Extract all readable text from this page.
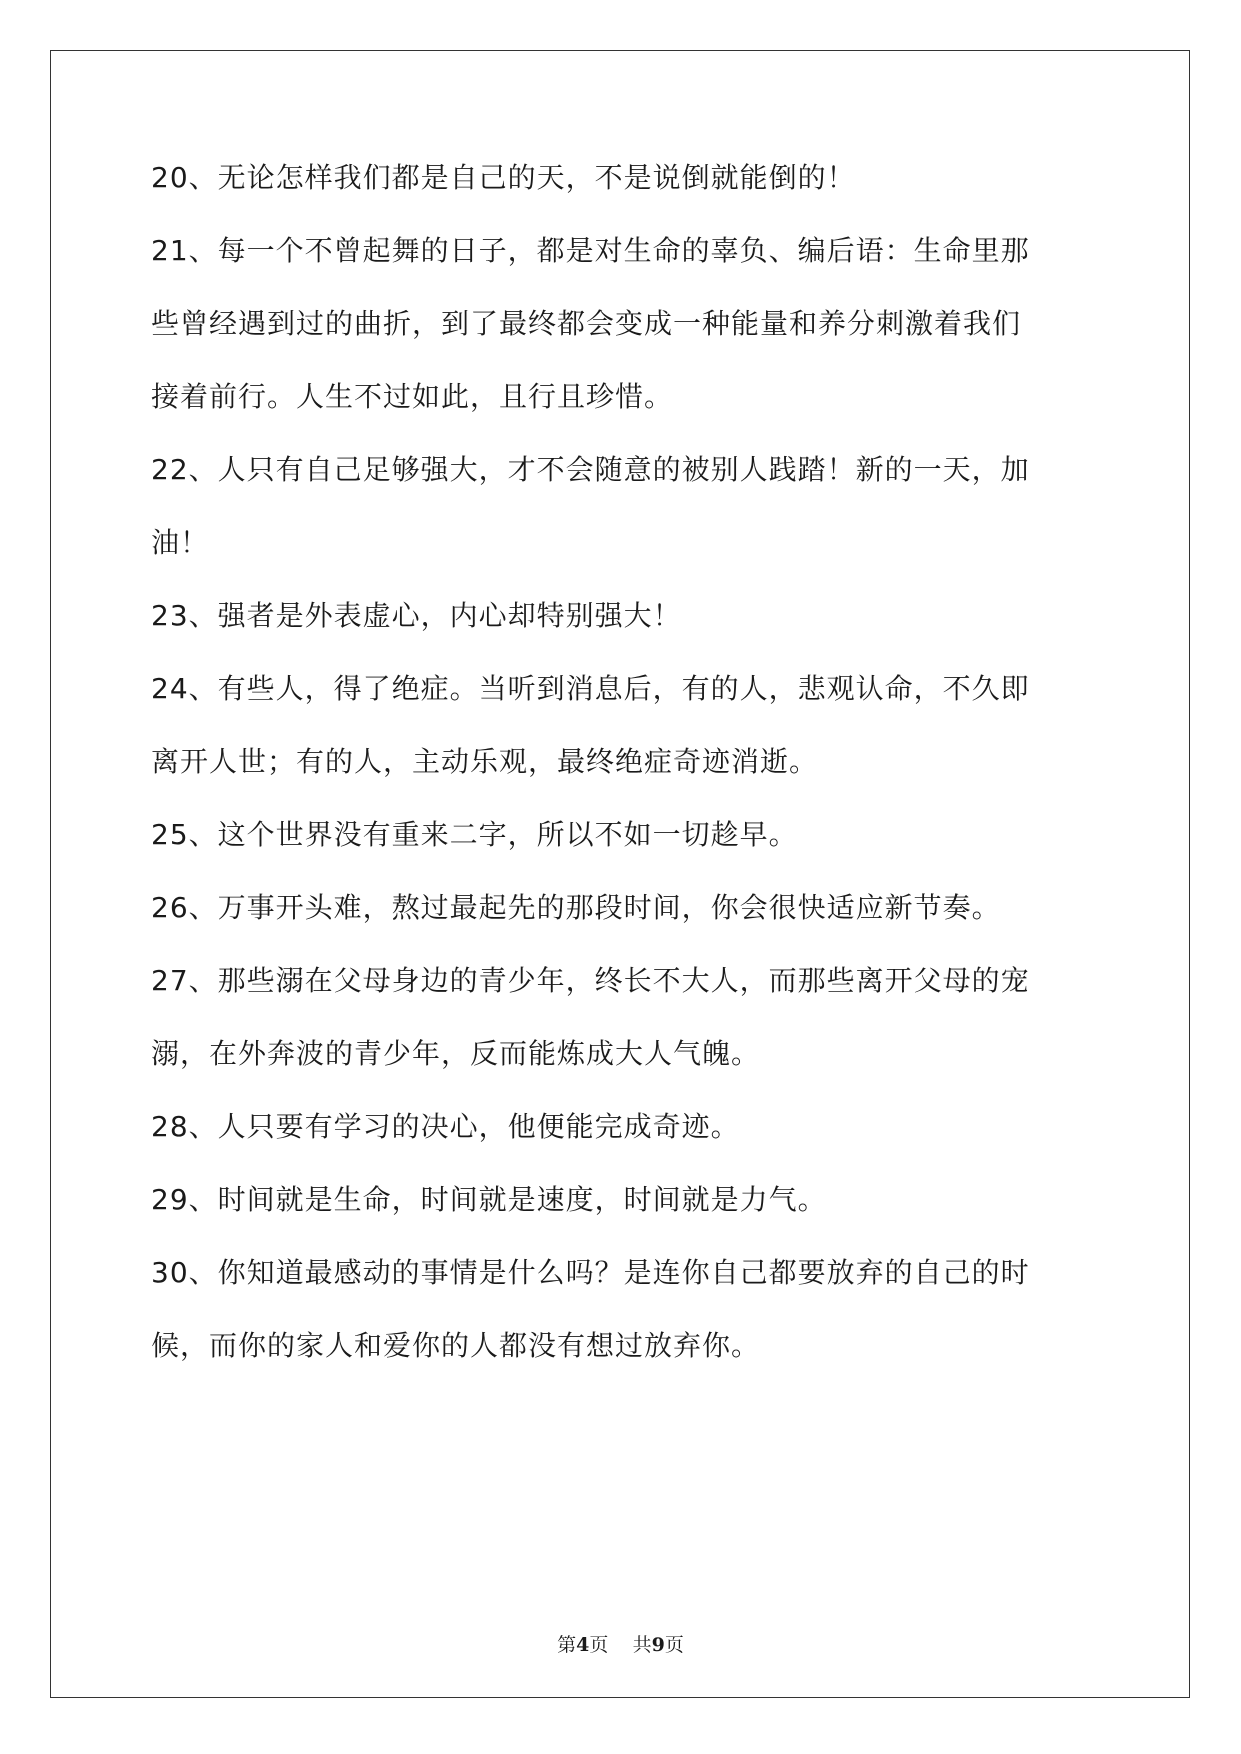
20、无论怎样我们都是自己的天，不是说倒就能倒的！

21、每一个不曾起舞的日子，都是对生命的辜负、编后语：生命里那

些曾经遇到过的曲折，到了最终都会变成一种能量和养分刺激着我们

接着前行。人生不过如此，且行且珍惜。

22、人只有自己足够强大，才不会随意的被别人践踏！新的一天，加

油！

23、强者是外表虚心，内心却特别强大！

24、有些人，得了绝症。当听到消息后，有的人，悲观认命，不久即

离开人世；有的人，主动乐观，最终绝症奇迹消逝。

25、这个世界没有重来二字，所以不如一切趁早。

26、万事开头难，熬过最起先的那段时间，你会很快适应新节奏。

27、那些溺在父母身边的青少年，终长不大人，而那些离开父母的宠

溺，在外奔波的青少年，反而能炼成大人气魄。

28、人只要有学习的决心，他便能完成奇迹。

29、时间就是生命，时间就是速度，时间就是力气。

30、你知道最感动的事情是什么吗？是连你自己都要放弃的自己的时

候，而你的家人和爱你的人都没有想过放弃你。

第4页 共9页
